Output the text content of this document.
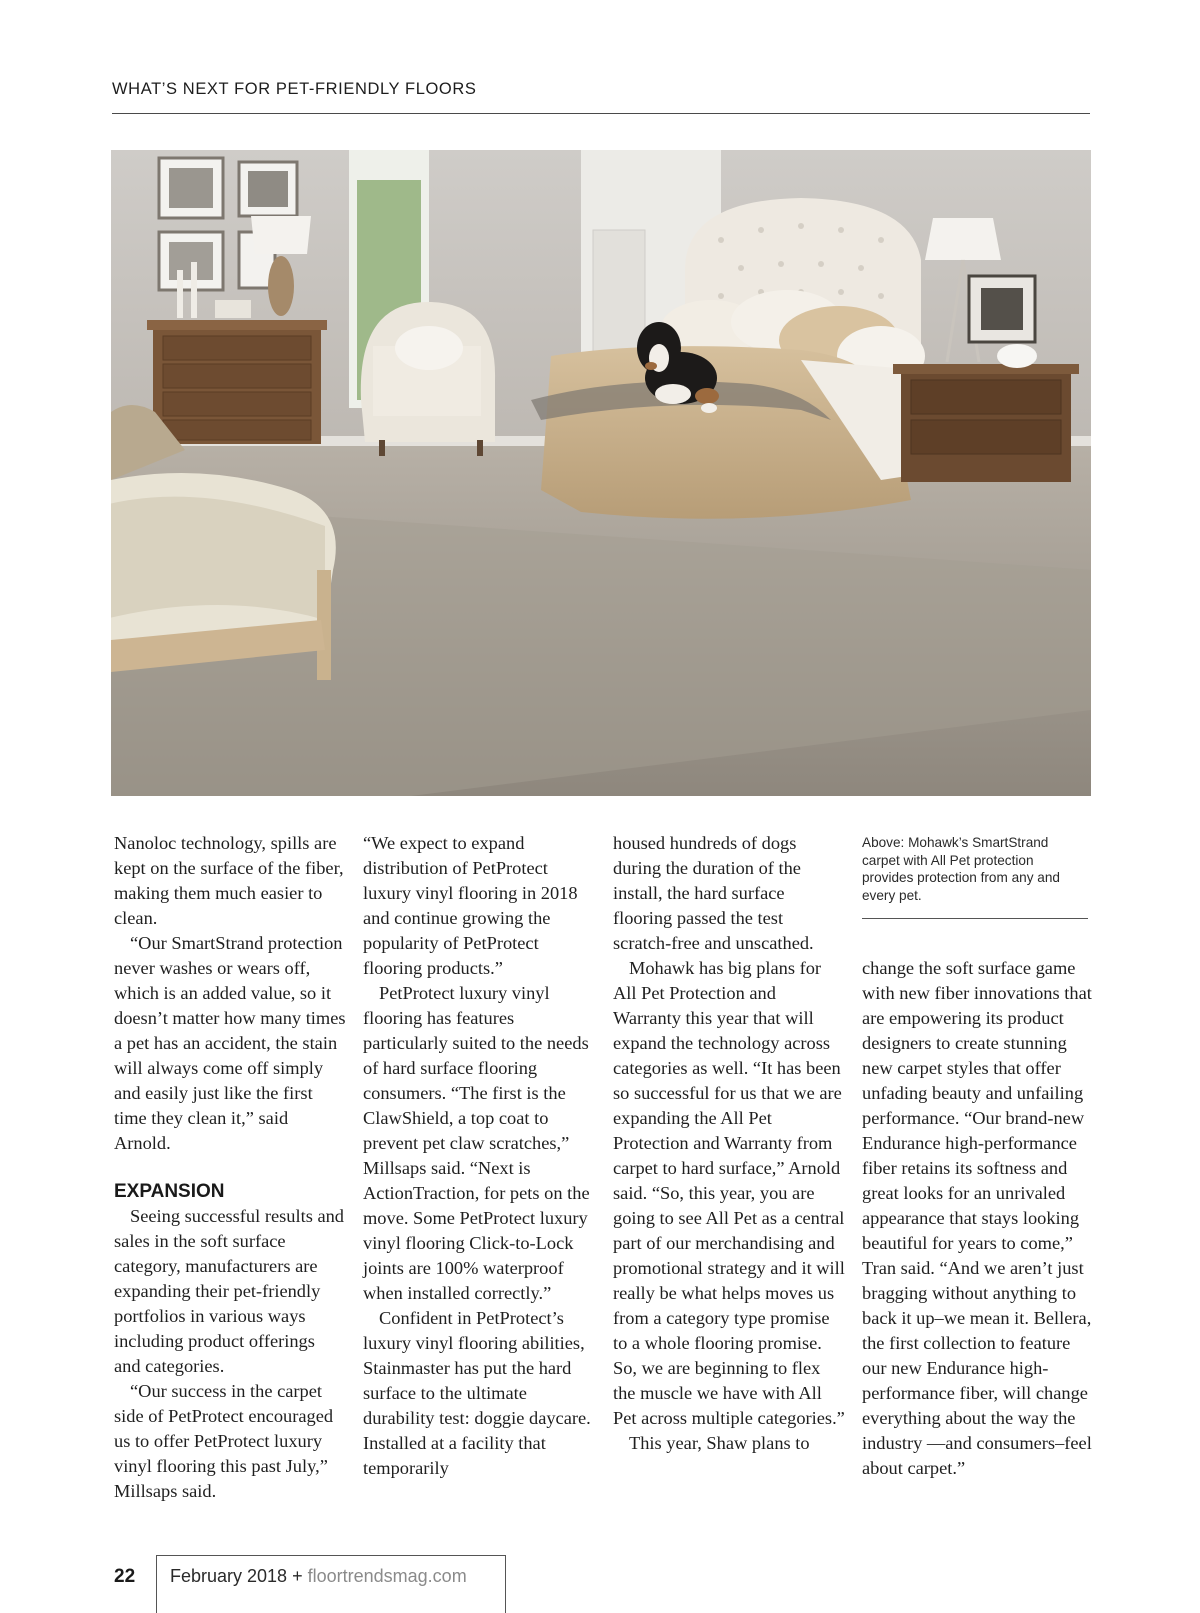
WHAT’S NEXT FOR PET-FRIENDLY FLOORS

Nanoloc technology, spills are kept on the surface of the fiber, making them much easier to clean.

“Our SmartStrand protection never washes or wears off, which is an added value, so it doesn’t matter how many times a pet has an accident, the stain will always come off simply and easily just like the first time they clean it,” said Arnold.

EXPANSION

Seeing successful results and sales in the soft surface category, manufacturers are expanding their pet-friendly portfolios in various ways including product offerings and categories.

“Our success in the carpet side of PetProtect encouraged us to offer PetProtect luxury vinyl flooring this past July,” Millsaps said.

“We expect to expand distribution of PetProtect luxury vinyl flooring in 2018 and continue growing the popularity of PetProtect flooring products.”

PetProtect luxury vinyl flooring has features particularly suited to the needs of hard surface flooring consumers. “The first is the ClawShield, a top coat to prevent pet claw scratches,” Millsaps said. “Next is ActionTraction, for pets on the move. Some PetProtect luxury vinyl flooring Click-to-Lock joints are 100% waterproof when installed correctly.”

Confident in PetProtect’s luxury vinyl flooring abilities, Stainmaster has put the hard surface to the ultimate durability test: doggie daycare. Installed at a facility that temporarily

housed hundreds of dogs during the duration of the install, the hard surface flooring passed the test scratch-free and unscathed.

Mohawk has big plans for All Pet Protection and Warranty this year that will expand the technology across categories as well. “It has been so successful for us that we are expanding the All Pet Protection and Warranty from carpet to hard surface,” Arnold said. “So, this year, you are going to see All Pet as a central part of our merchandising and promotional strategy and it will really be what helps moves us from a category type promise to a whole flooring promise. So, we are beginning to flex the muscle we have with All Pet across multiple categories.”

This year, Shaw plans to

Above: Mohawk’s SmartStrand carpet with All Pet protection provides protection from any and every pet.

change the soft surface game with new fiber innovations that are empowering its product designers to create stunning new carpet styles that offer unfading beauty and unfailing performance. “Our brand-new Endurance high-performance fiber retains its softness and great looks for an unrivaled appearance that stays looking beautiful for years to come,” Tran said. “And we aren’t just bragging without anything to back it up–we mean it. Bellera, the first collection to feature our new Endurance high-performance fiber, will change everything about the way the industry —and consumers–feel about carpet.”

22 February 2018 + floortrendsmag.com
